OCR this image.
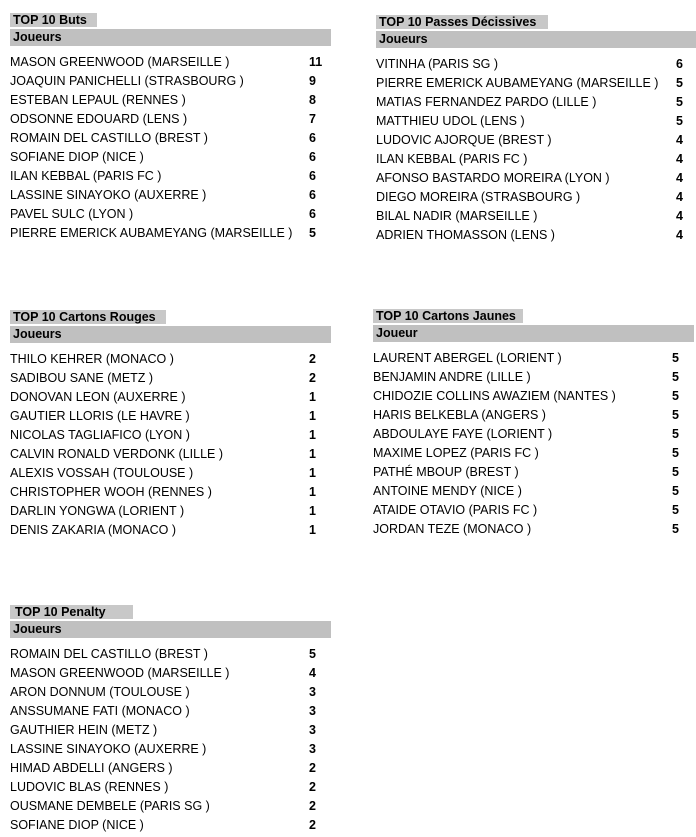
TOP 10 Buts
Joueurs
MASON GREENWOOD (MARSEILLE )	11
JOAQUIN PANICHELLI (STRASBOURG )	9
ESTEBAN LEPAUL (RENNES )	8
ODSONNE EDOUARD (LENS )	7
ROMAIN DEL CASTILLO (BREST )	6
SOFIANE DIOP (NICE )	6
ILAN KEBBAL (PARIS FC )	6
LASSINE SINAYOKO (AUXERRE )	6
PAVEL SULC (LYON )	6
PIERRE EMERICK AUBAMEYANG (MARSEILLE ) 5
TOP 10 Passes Décissives
Joueurs
VITINHA (PARIS SG )	6
PIERRE EMERICK AUBAMEYANG (MARSEILLE ) 5
MATIAS FERNANDEZ PARDO (LILLE )	5
MATTHIEU UDOL (LENS )	5
LUDOVIC AJORQUE (BREST )	4
ILAN KEBBAL (PARIS FC )	4
AFONSO BASTARDO MOREIRA (LYON )	4
DIEGO MOREIRA (STRASBOURG )	4
BILAL NADIR (MARSEILLE )	4
ADRIEN THOMASSON (LENS )	4
TOP 10 Cartons Rouges
Joueurs
THILO KEHRER (MONACO )	2
SADIBOU SANE (METZ )	2
DONOVAN LEON (AUXERRE )	1
GAUTIER LLORIS (LE HAVRE )	1
NICOLAS TAGLIAFICO (LYON )	1
CALVIN RONALD VERDONK (LILLE )	1
ALEXIS VOSSAH (TOULOUSE )	1
CHRISTOPHER WOOH (RENNES )	1
DARLIN YONGWA (LORIENT )	1
DENIS ZAKARIA (MONACO )	1
TOP 10 Cartons Jaunes
Joueur
LAURENT ABERGEL (LORIENT )	5
BENJAMIN ANDRE (LILLE )	5
CHIDOZIE COLLINS AWAZIEM (NANTES )	5
HARIS BELKEBLA (ANGERS )	5
ABDOULAYE FAYE (LORIENT )	5
MAXIME LOPEZ (PARIS FC )	5
PATHÉ MBOUP (BREST )	5
ANTOINE MENDY (NICE )	5
ATAIDE OTAVIO (PARIS FC )	5
JORDAN TEZE (MONACO )	5
TOP 10 Penalty
Joueurs
ROMAIN DEL CASTILLO (BREST )	5
MASON GREENWOOD (MARSEILLE )	4
ARON DONNUM (TOULOUSE )	3
ANSSUMANE FATI (MONACO )	3
GAUTHIER HEIN (METZ )	3
LASSINE SINAYOKO (AUXERRE )	3
HIMAD ABDELLI (ANGERS )	2
LUDOVIC BLAS (RENNES )	2
OUSMANE DEMBELE (PARIS SG )	2
SOFIANE DIOP (NICE )	2
